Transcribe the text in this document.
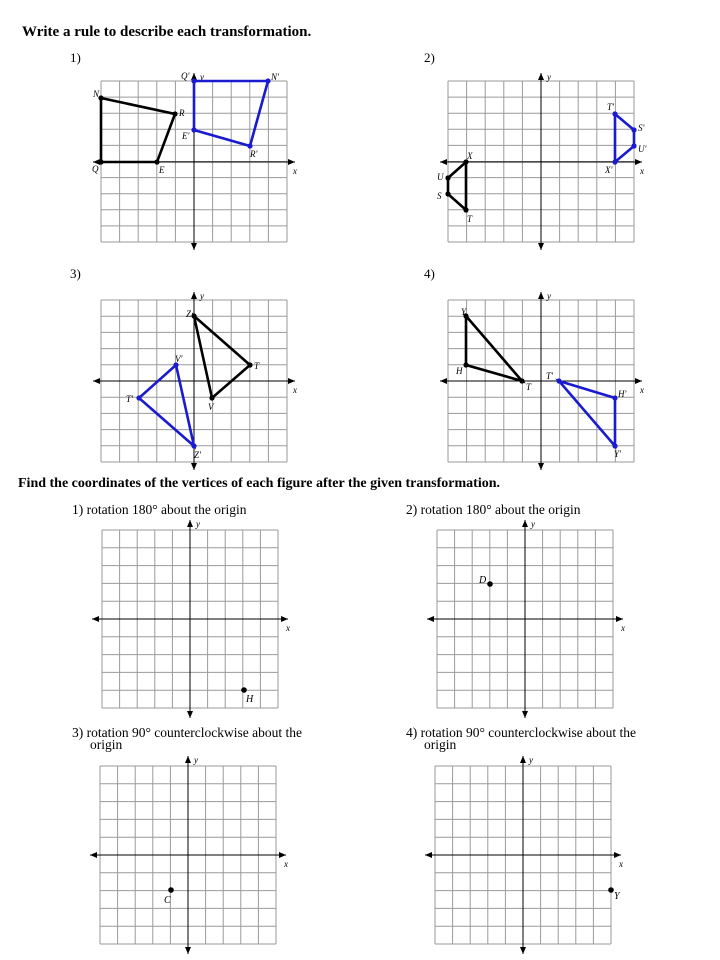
Write a rule to describe each transformation.
1)	2)
3)	4)
x
y
N
R
Q	E
Q'	N'
E'
R'
x
y
X
U
S
T
T'
S'
U'
X'
x
y
Z
T
V
V'
T'
Z'
x
y
Y
H
T
T'
H'
Y'
Find the coordinates of the vertices of each figure after the given transformation.
1) rotation 180° about the origin	2) rotation 180° about the origin
3) rotation 90° counterclockwise about the
origin
4) rotation 90° counterclockwise about the
origin
x
y
H
x
y
D
x
y
C
x
y
Y
